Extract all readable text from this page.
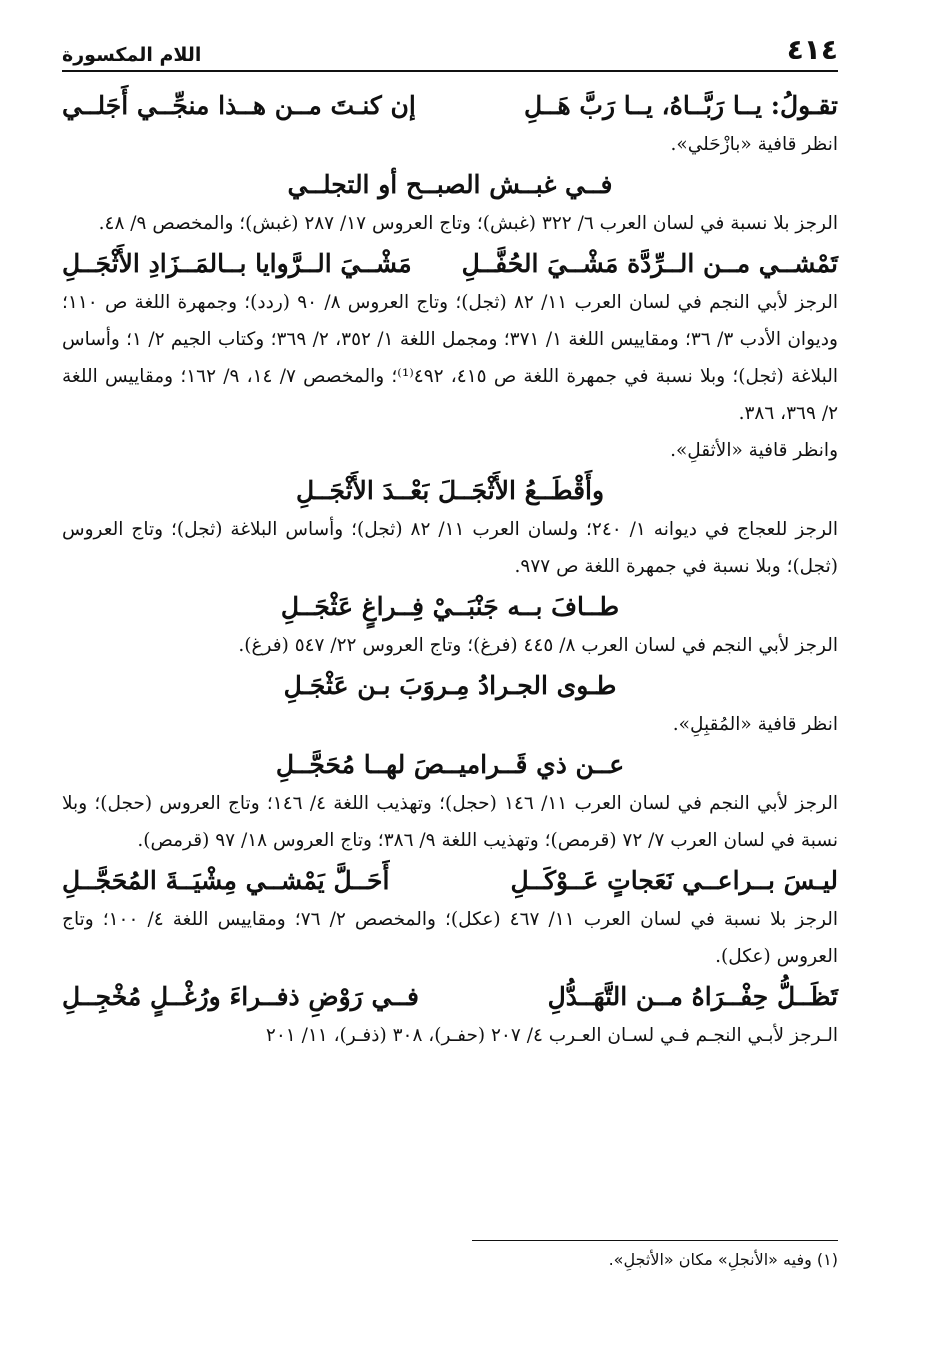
٤١٤
اللام المكسورة
تقـولُ: يــا رَبَّــاهُ، يــا رَبَّ هَــلِ
إن كنـتَ مــن هــذا منجِّــي أَجَلــي
انظر قافية «بازْحَلي».
فــي غبــش الصبــح أو التجلــي
الرجز بلا نسبة في لسان العرب ٦/ ٣٢٢ (غبش)؛ وتاج العروس ١٧/ ٢٨٧ (غبش)؛ والمخصص ٩/ ٤٨.
تَمْشــي مــن الــرِّدَّة مَشْــيَ الحُفَّــلِ
مَشْــيَ الــرَّوايا بــالمَــزَادِ الأَثْجَــلِ
الرجز لأبي النجم في لسان العرب ١١/ ٨٢ (ثجل)؛ وتاج العروس ٨/ ٩٠ (ردد)؛ وجمهرة اللغة ص ١١٠؛ وديوان الأدب ٣/ ٣٦؛ ومقاييس اللغة ١/ ٣٧١؛ ومجمل اللغة ١/ ٣٥٢، ٢/ ٣٦٩؛ وكتاب الجيم ٢/ ١؛ وأساس البلاغة (ثجل)؛ وبلا نسبة في جمهرة اللغة ص ٤١٥، ٤٩٢⁽¹⁾؛ والمخصص ٧/ ١٤، ٩/ ١٦٢؛ ومقاييس اللغة ٢/ ٣٦٩، ٣٨٦.
وانظر قافية «الأثقلِ».
وأَقْطَــعُ الأَثْجَــلَ بَعْــدَ الأَثْجَــلِ
الرجز للعجاج في ديوانه ١/ ٢٤٠؛ ولسان العرب ١١/ ٨٢ (ثجل)؛ وأساس البلاغة (ثجل)؛ وتاج العروس (ثجل)؛ وبلا نسبة في جمهرة اللغة ص ٩٧٧.
طــافَ بــه جَنْبَــيْ فِــراغٍ عَثْجَــلِ
الرجز لأبي النجم في لسان العرب ٨/ ٤٤٥ (فرغ)؛ وتاج العروس ٢٢/ ٥٤٧ (فرغ).
طـوى الجـرادُ مِـروَبَ بـن عَثْجَـلِ
انظر قافية «المُقبِلِ».
عــن ذي قَــراميــصَ لهــا مُحَجَّــلِ
الرجز لأبي النجم في لسان العرب ١١/ ١٤٦ (حجل)؛ وتهذيب اللغة ٤/ ١٤٦؛ وتاج العروس (حجل)؛ وبلا نسبة في لسان العرب ٧/ ٧٢ (قرمص)؛ وتهذيب اللغة ٩/ ٣٨٦؛ وتاج العروس ١٨/ ٩٧ (قرمص).
ليـسَ بــراعــي نَعَجاتٍ عَــوْكَــلِ
أَحَــلَّ يَمْشــي مِشْيَــةَ المُحَجَّــلِ
الرجز بلا نسبة في لسان العرب ١١/ ٤٦٧ (عكل)؛ والمخصص ٢/ ٧٦؛ ومقاييس اللغة ٤/ ١٠٠؛ وتاج العروس (عكل).
تَظَــلُّ حِفْــرَاهُ مــن التَّهَــدُّلِ
فــي رَوْضِ ذفــراءَ ورُغْــلٍ مُخْجِــلِ
الـرجز لأبـي النجـم فـي لسـان العـرب ٤/ ٢٠٧ (حفـر)، ٣٠٨ (ذفـر)، ١١/ ٢٠١
(١) وفيه «الأنجلِ» مكان «الأثجلِ».
